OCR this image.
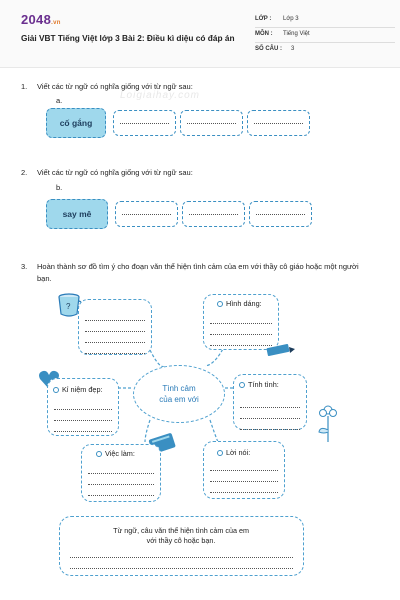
2048.vn
Giải VBT Tiếng Việt lớp 3 Bài 2: Điều kì diệu có đáp án
LỚP : Lớp 3
MÔN : Tiếng Việt
SỐ CÂU : 3
Loigiaihay.com
1. Viết các từ ngữ có nghĩa giống với từ ngữ sau:
a.
cố gắng
2. Viết các từ ngữ có nghĩa giống với từ ngữ sau:
b.
say mê
3. Hoàn thành sơ đồ tìm ý cho đoạn văn thể hiện tình cảm của em với thầy cô giáo hoặc một người
bạn.
?	Hình dáng:
Kỉ niệm đẹp:	Tình cảm
của em với
Tính tình:
Việc làm:	Lời nói:
Từ ngữ, câu văn thể hiện tình cảm của em
với thầy cô hoặc bạn.
